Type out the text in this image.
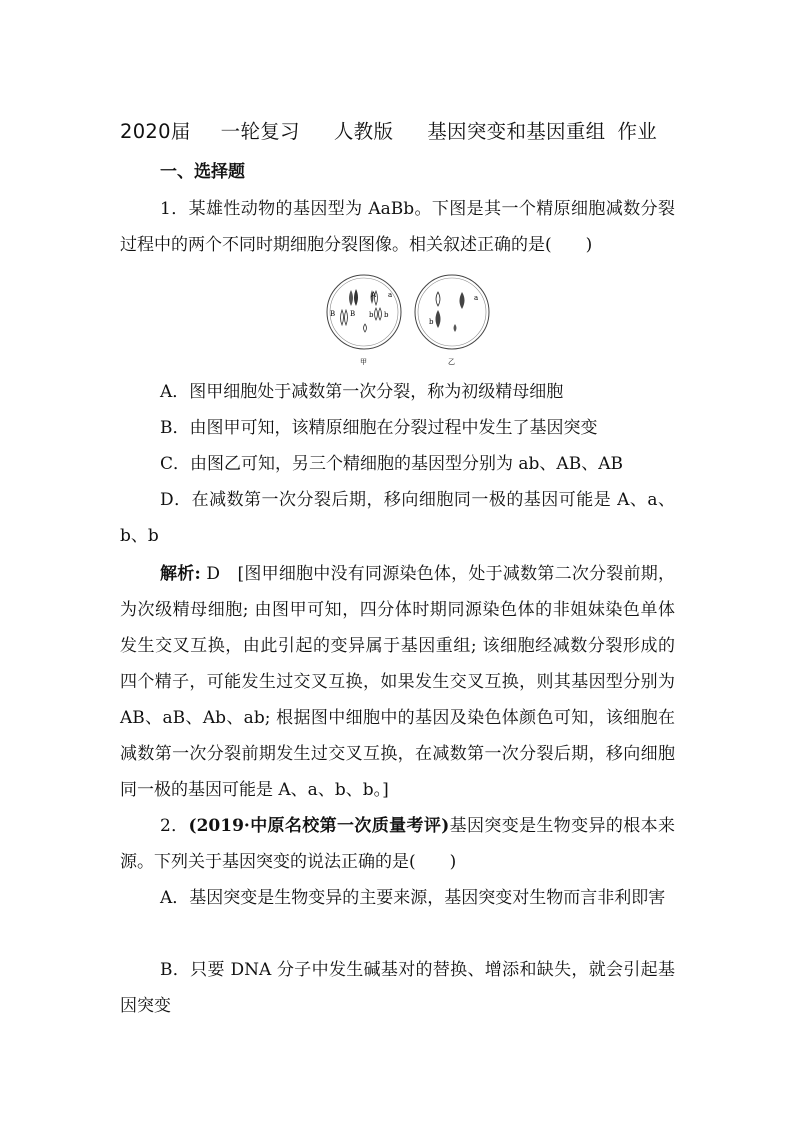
2020届 一轮复习 人教版 基因突变和基因重组 作业
一、选择题

1．某雄性动物的基因型为 AaBb。下图是其一个精原细胞减数分裂过程中的两个不同时期细胞分裂图像。相关叙述正确的是(　　)

A a
B B b b
甲
b
a
乙

A．图甲细胞处于减数第一次分裂，称为初级精母细胞

B．由图甲可知，该精原细胞在分裂过程中发生了基因突变

C．由图乙可知，另三个精细胞的基因型分别为 ab、AB、AB

D．在减数第一次分裂后期，移向细胞同一极的基因可能是 A、a、b、b

解析: D　[图甲细胞中没有同源染色体，处于减数第二次分裂前期，为次级精母细胞; 由图甲可知，四分体时期同源染色体的非姐妹染色单体发生交叉互换，由此引起的变异属于基因重组; 该细胞经减数分裂形成的四个精子，可能发生过交叉互换，如果发生交叉互换，则其基因型分别为 AB、aB、Ab、ab; 根据图中细胞中的基因及染色体颜色可知，该细胞在减数第一次分裂前期发生过交叉互换，在减数第一次分裂后期，移向细胞同一极的基因可能是 A、a、b、b。]

2．(2019·中原名校第一次质量考评)基因突变是生物变异的根本来源。下列关于基因突变的说法正确的是(　　)

A．基因突变是生物变异的主要来源，基因突变对生物而言非利即害

B．只要 DNA 分子中发生碱基对的替换、增添和缺失，就会引起基因突变
